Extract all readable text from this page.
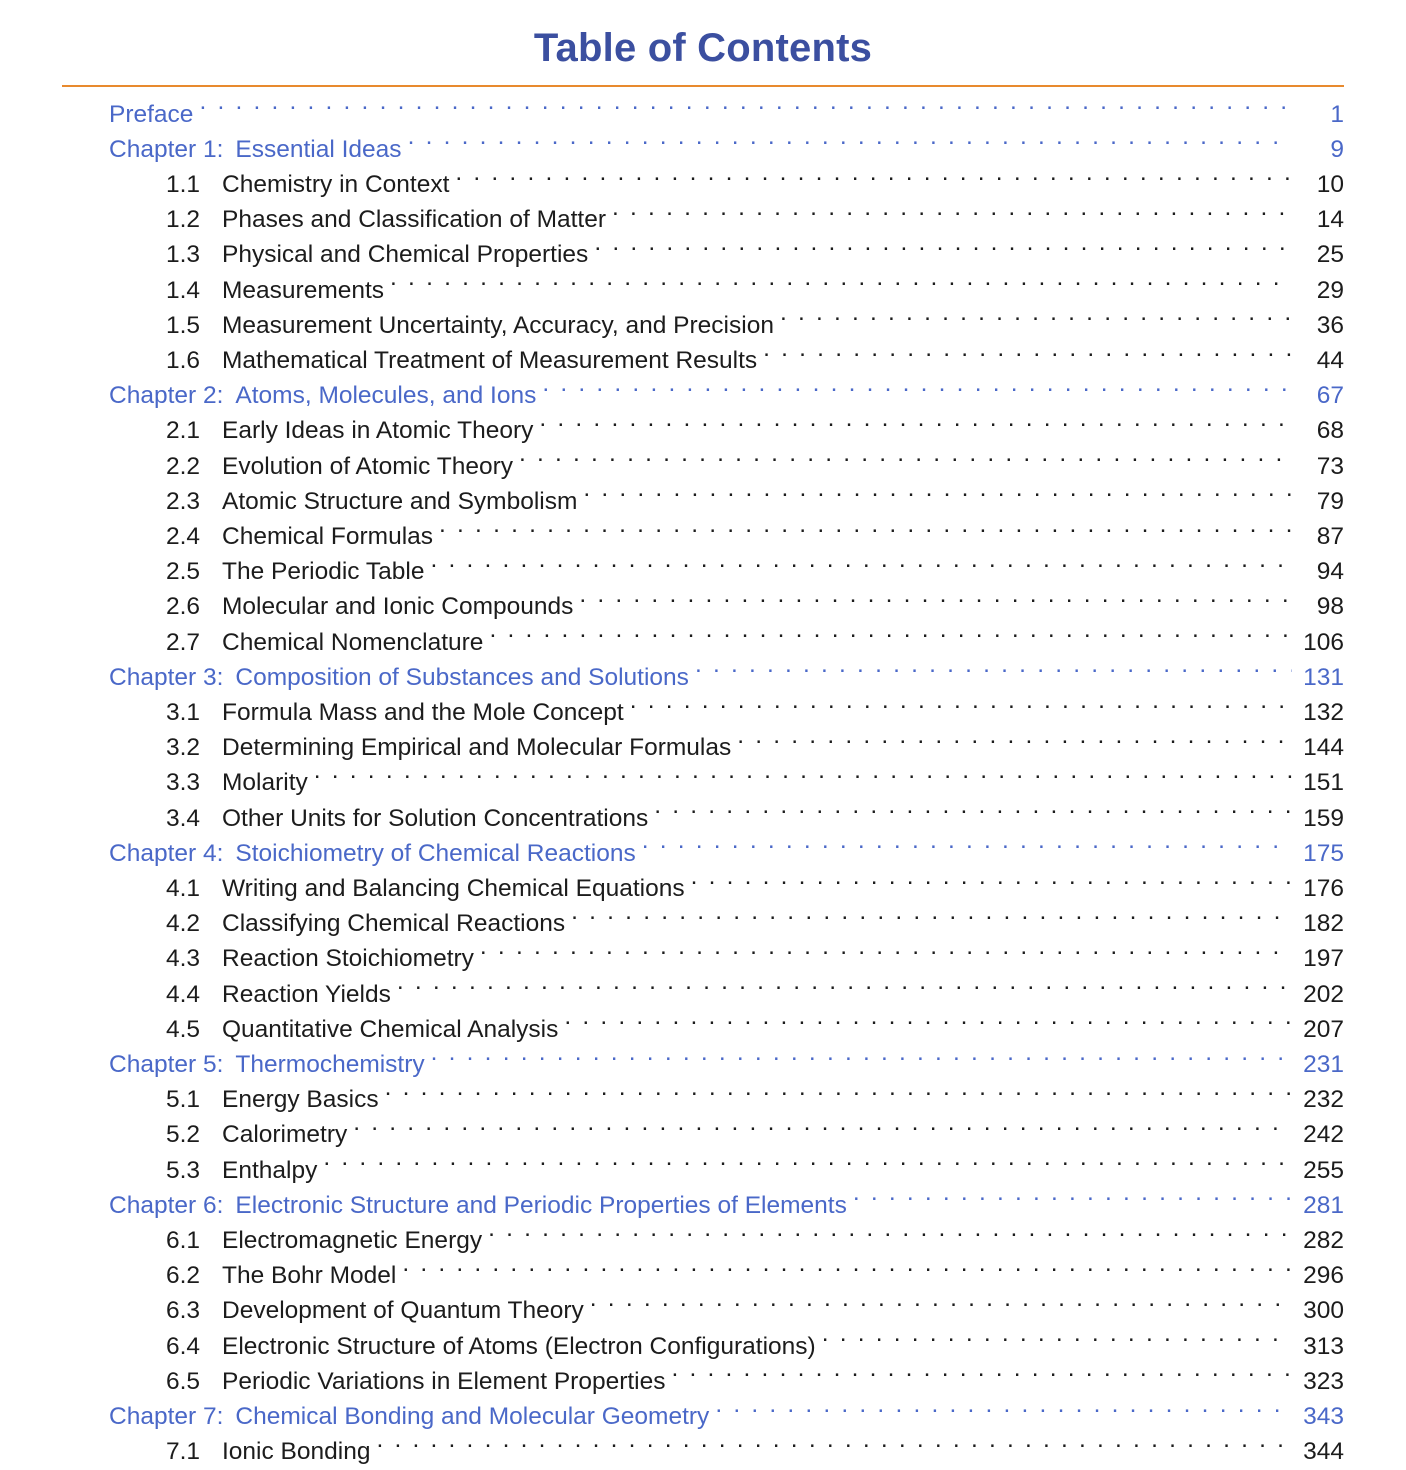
Table of Contents
Preface . . .	1
Chapter 1: Essential Ideas . . .	9
1.1 Chemistry in Context . . .	10
1.2 Phases and Classification of Matter . . .	14
1.3 Physical and Chemical Properties . . .	25
1.4 Measurements . . .	29
1.5 Measurement Uncertainty, Accuracy, and Precision . . .	36
1.6 Mathematical Treatment of Measurement Results . . .	44
Chapter 2: Atoms, Molecules, and Ions . . .	67
2.1 Early Ideas in Atomic Theory . . .	68
2.2 Evolution of Atomic Theory . . .	73
2.3 Atomic Structure and Symbolism . . .	79
2.4 Chemical Formulas . . .	87
2.5 The Periodic Table . . .	94
2.6 Molecular and Ionic Compounds . . .	98
2.7 Chemical Nomenclature . . .	106
Chapter 3: Composition of Substances and Solutions . . .	131
3.1 Formula Mass and the Mole Concept . . .	132
3.2 Determining Empirical and Molecular Formulas . . .	144
3.3 Molarity . . .	151
3.4 Other Units for Solution Concentrations . . .	159
Chapter 4: Stoichiometry of Chemical Reactions . . .	175
4.1 Writing and Balancing Chemical Equations . . .	176
4.2 Classifying Chemical Reactions . . .	182
4.3 Reaction Stoichiometry . . .	197
4.4 Reaction Yields . . .	202
4.5 Quantitative Chemical Analysis . . .	207
Chapter 5: Thermochemistry . . .	231
5.1 Energy Basics . . .	232
5.2 Calorimetry . . .	242
5.3 Enthalpy . . .	255
Chapter 6: Electronic Structure and Periodic Properties of Elements . . .	281
6.1 Electromagnetic Energy . . .	282
6.2 The Bohr Model . . .	296
6.3 Development of Quantum Theory . . .	300
6.4 Electronic Structure of Atoms (Electron Configurations) . . .	313
6.5 Periodic Variations in Element Properties . . .	323
Chapter 7: Chemical Bonding and Molecular Geometry . . .	343
7.1 Ionic Bonding . . .	344
